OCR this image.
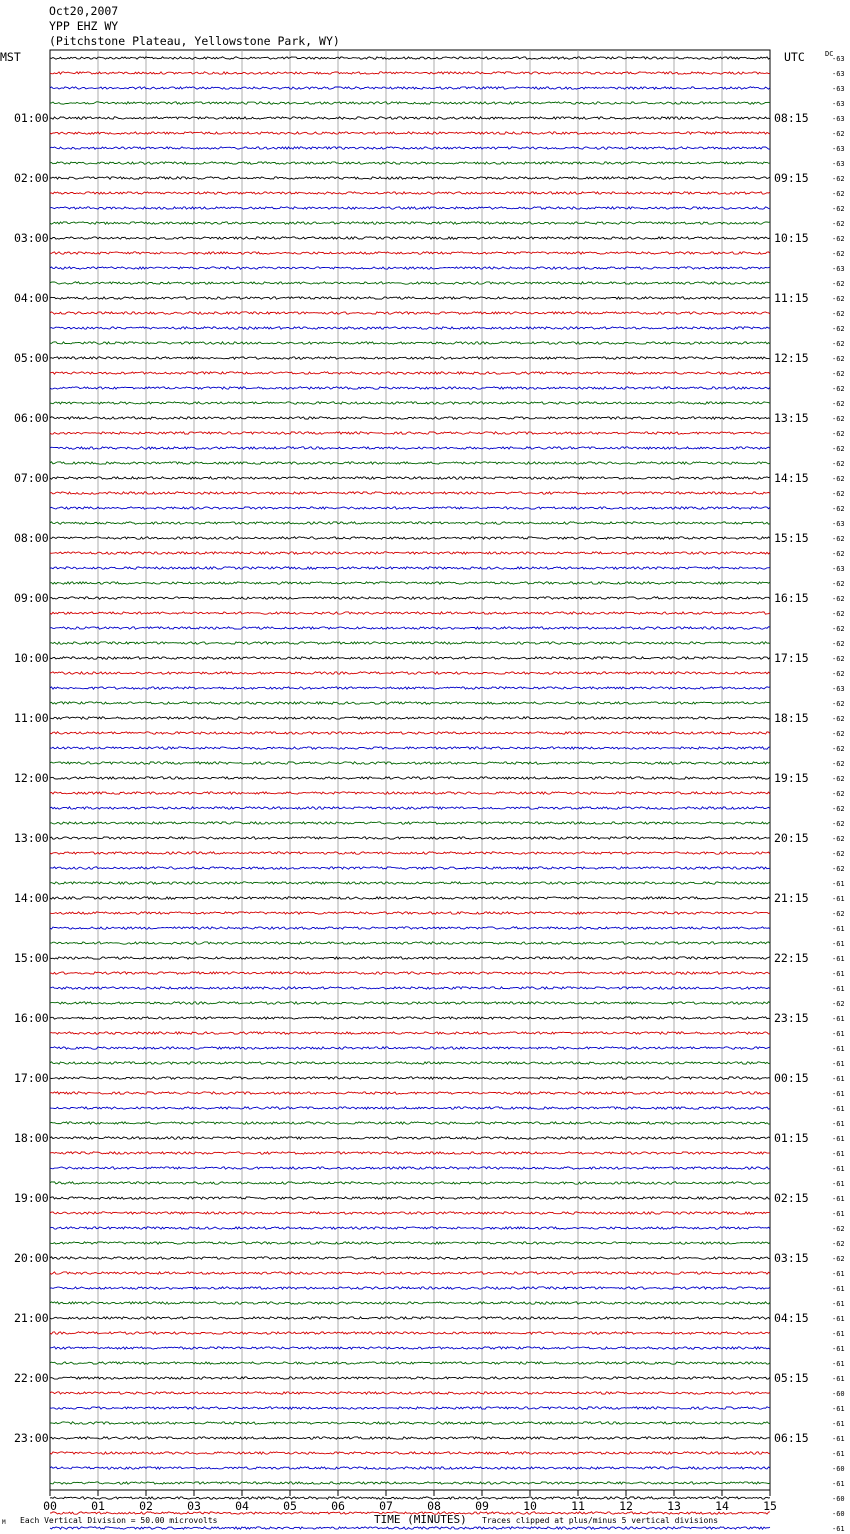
Oct20,2007
YPP EHZ WY
(Pitchstone Plateau, Yellowstone Park, WY)
MST	UTC	DC
01:00
02:00
03:00
04:00
05:00
06:00
07:00
08:00
09:00
10:00
11:00
12:00
13:00
14:00
15:00
16:00
17:00
18:00
19:00
20:00
21:00
22:00
23:00
08:15
09:15
10:15
11:15
12:15
13:15
14:15
15:15
16:15
17:15
18:15
19:15
20:15
21:15
22:15
23:15
00:15
01:15
02:15
03:15
04:15
05:15
06:15
-63
-63
-63
-63
-63
-62
-63
-63
-62
-62
-62
-62
-62
-62
-63
-62
-62
-62
-62
-62
-62
-62
-62
-62
-62
-62
-62
-62
-62
-62
-62
-63
-62
-62
-63
-62
-62
-62
-62
-62
-62
-62
-63
-62
-62
-62
-62
-62
-62
-62
-62
-62
-62
-62
-62
-61
-61
-62
-61
-61
-61
-61
-61
-62
-61
-61
-61
-61
-61
-61
-61
-61
-61
-61
-61
-61
-61
-61
-62
-62
-62
-61
-61
-61
-61
-61
-61
-61
-61
-60
-61
-61
-61
-61
-60
-61
-60
-60
-61
00	01	02	03	04	05	06	07	08	09	10	11	12	13	14	15
M Each Vertical Division = 50.00 microvolts	TIME (MINUTES) Traces clipped at plus/minus 5 vertical divisions
